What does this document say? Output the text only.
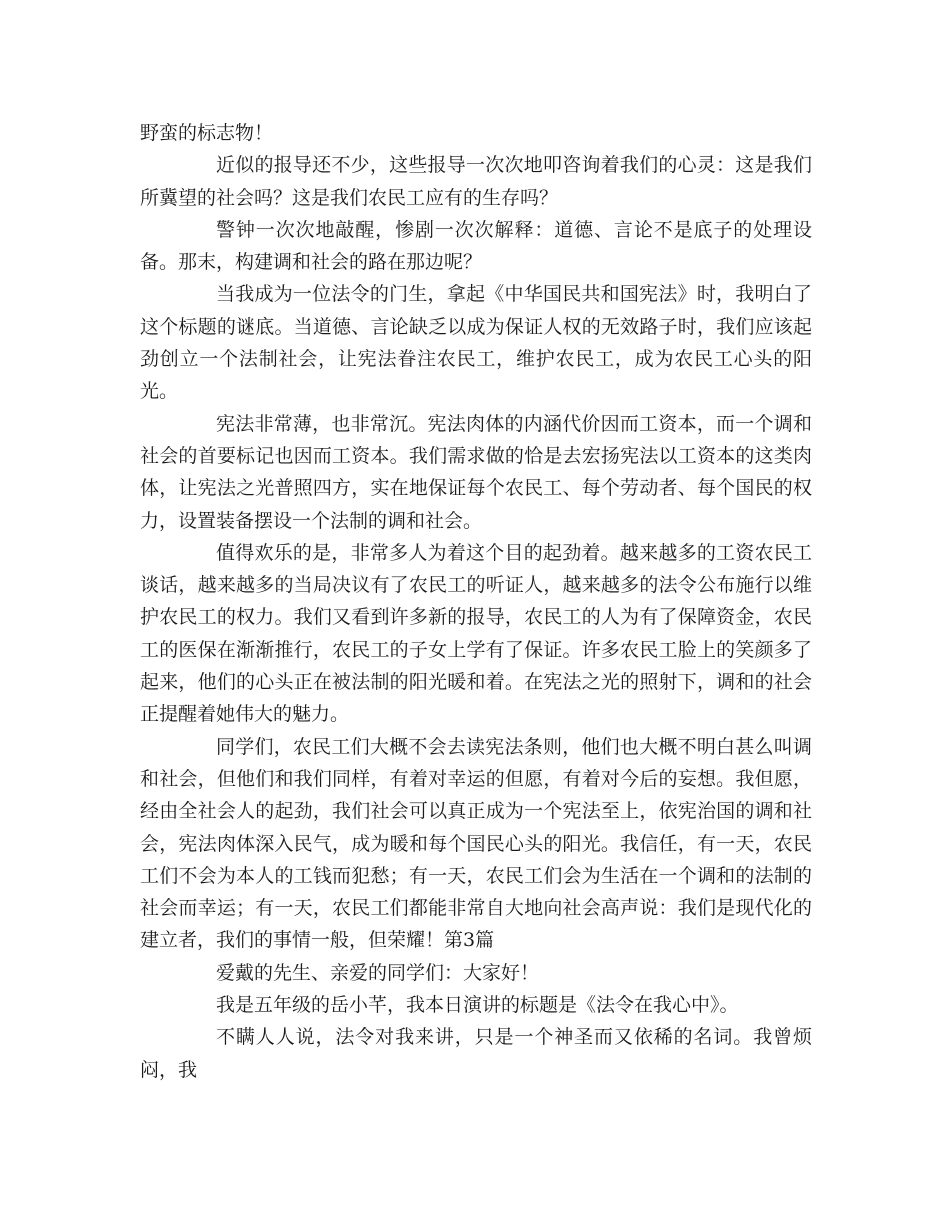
野蛮的标志物！

近似的报导还不少，这些报导一次次地叩咨询着我们的心灵：这是我们所冀望的社会吗？这是我们农民工应有的生存吗？

警钟一次次地敲醒，惨剧一次次解释：道德、言论不是底子的处理设备。那末，构建调和社会的路在那边呢？

当我成为一位法令的门生，拿起《中华国民共和国宪法》时，我明白了这个标题的谜底。当道德、言论缺乏以成为保证人权的无效路子时，我们应该起劲创立一个法制社会，让宪法眷注农民工，维护农民工，成为农民工心头的阳光。

宪法非常薄，也非常沉。宪法肉体的内涵代价因而工资本，而一个调和社会的首要标记也因而工资本。我们需求做的恰是去宏扬宪法以工资本的这类肉体，让宪法之光普照四方，实在地保证每个农民工、每个劳动者、每个国民的权力，设置装备摆设一个法制的调和社会。

值得欢乐的是，非常多人为着这个目的起劲着。越来越多的工资农民工谈话，越来越多的当局决议有了农民工的听证人，越来越多的法令公布施行以维护农民工的权力。我们又看到许多新的报导，农民工的人为有了保障资金，农民工的医保在渐渐推行，农民工的子女上学有了保证。许多农民工脸上的笑颜多了起来，他们的心头正在被法制的阳光暖和着。在宪法之光的照射下，调和的社会正提醒着她伟大的魅力。

同学们，农民工们大概不会去读宪法条则，他们也大概不明白甚么叫调和社会，但他们和我们同样，有着对幸运的但愿，有着对今后的妄想。我但愿，经由全社会人的起劲，我们社会可以真正成为一个宪法至上，依宪治国的调和社会，宪法肉体深入民气，成为暖和每个国民心头的阳光。我信任，有一天，农民工们不会为本人的工钱而犯愁；有一天，农民工们会为生活在一个调和的法制的社会而幸运；有一天，农民工们都能非常自大地向社会高声说：我们是现代化的建立者，我们的事情一般，但荣耀！第3篇

爱戴的先生、亲爱的同学们：大家好！

我是五年级的岳小芊，我本日演讲的标题是《法令在我心中》。

不瞒人人说，法令对我来讲，只是一个神圣而又依稀的名词。我曾烦闷，我
